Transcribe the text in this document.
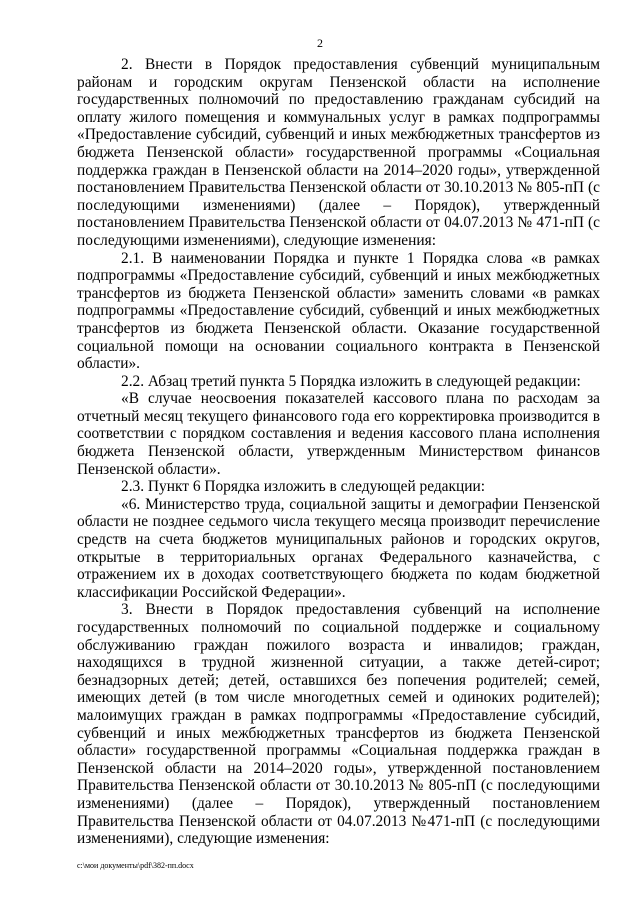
2

2. Внести в Порядок предоставления субвенций муниципальным районам и городским округам Пензенской области на исполнение государственных полномочий по предоставлению гражданам субсидий на оплату жилого помещения и коммунальных услуг в рамках подпрограммы «Предоставление субсидий, субвенций и иных межбюджетных трансфертов из бюджета Пензенской области» государственной программы «Социальная поддержка граждан в Пензенской области на 2014–2020 годы», утвержденной постановлением Правительства Пензенской области от 30.10.2013 № 805-пП (с последующими изменениями) (далее – Порядок), утвержденный постановлением Правительства Пензенской области от 04.07.2013 № 471-пП (с последующими изменениями), следующие изменения:

2.1. В наименовании Порядка и пункте 1 Порядка слова «в рамках подпрограммы «Предоставление субсидий, субвенций и иных межбюджетных трансфертов из бюджета Пензенской области» заменить словами «в рамках подпрограммы «Предоставление субсидий, субвенций и иных межбюджетных трансфертов из бюджета Пензенской области. Оказание государственной социальной помощи на основании социального контракта в Пензенской области».

2.2. Абзац третий пункта 5 Порядка изложить в следующей редакции:

«В случае неосвоения показателей кассового плана по расходам за отчетный месяц текущего финансового года его корректировка производится в соответствии с порядком составления и ведения кассового плана исполнения бюджета Пензенской области, утвержденным Министерством финансов Пензенской области».

2.3. Пункт 6 Порядка изложить в следующей редакции:

«6. Министерство труда, социальной защиты и демографии Пензенской области не позднее седьмого числа текущего месяца производит перечисление средств на счета бюджетов муниципальных районов и городских округов, открытые в территориальных органах Федерального казначейства, с отражением их в доходах соответствующего бюджета по кодам бюджетной классификации Российской Федерации».

3. Внести в Порядок предоставления субвенций на исполнение государственных полномочий по социальной поддержке и социальному обслуживанию граждан пожилого возраста и инвалидов; граждан, находящихся в трудной жизненной ситуации, а также детей-сирот; безнадзорных детей; детей, оставшихся без попечения родителей; семей, имеющих детей (в том числе многодетных семей и одиноких родителей); малоимущих граждан в рамках подпрограммы «Предоставление субсидий, субвенций и иных межбюджетных трансфертов из бюджета Пензенской области» государственной программы «Социальная поддержка граждан в Пензенской области на 2014–2020 годы», утвержденной постановлением Правительства Пензенской области от 30.10.2013 № 805-пП (с последующими изменениями) (далее – Порядок), утвержденный постановлением Правительства Пензенской области от 04.07.2013 №471-пП (с последующими изменениями), следующие изменения:

c:\мои документы\pdf\382-пп.docx
